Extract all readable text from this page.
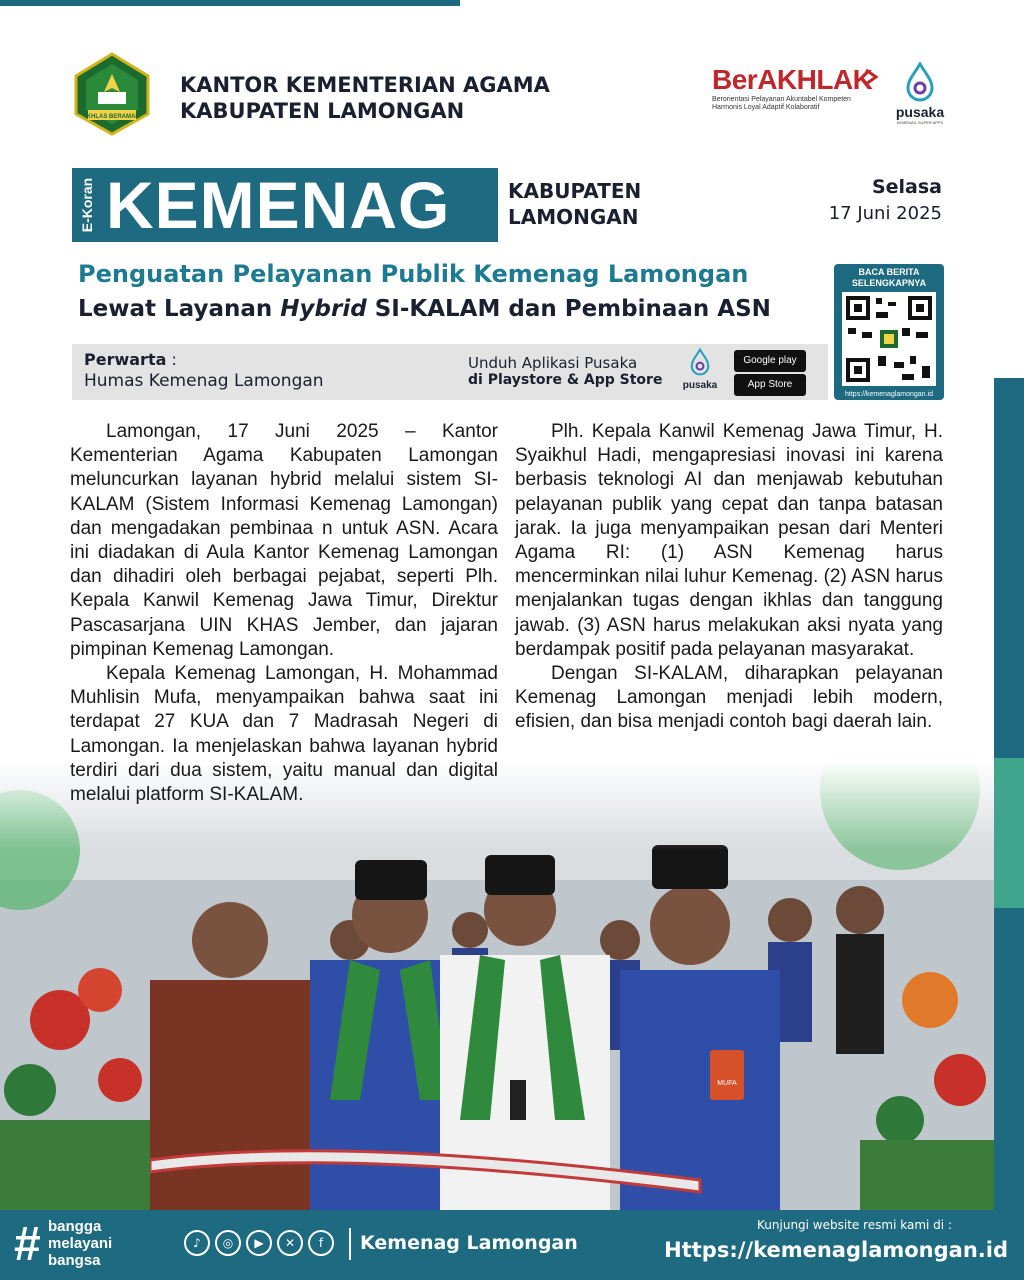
IKHLAS BERAMAL
KANTOR KEMENTERIAN AGAMA
KABUPATEN LAMONGAN
BerAKHLAK
Berorientasi Pelayanan Akuntabel Kompeten Harmonis Loyal Adaptif Kolaboratif	pusaka
KEMENAG SUPER APPS
E-Koran KEMENAG	KABUPATEN
LAMONGAN
Selasa
17 Juni 2025
Penguatan Pelayanan Publik Kemenag Lamongan
Lewat Layanan Hybrid SI-KALAM dan Pembinaan ASN
BACA BERITA SELENGKAPNYA
https://kemenaglamongan.id
Perwarta :
Humas Kemenag Lamongan
Unduh Aplikasi Pusaka
di Playstore & App Store pusaka
Google play
App Store

Lamongan, 17 Juni 2025 – Kantor Kementerian Agama Kabupaten Lamongan meluncurkan layanan hybrid melalui sistem SI-KALAM (Sistem Informasi Kemenag Lamongan) dan mengadakan pembinaa n untuk ASN. Acara ini diadakan di Aula Kantor Kemenag Lamongan dan dihadiri oleh berbagai pejabat, seperti Plh. Kepala Kanwil Kemenag Jawa Timur, Direktur Pascasarjana UIN KHAS Jember, dan jajaran pimpinan Kemenag Lamongan.

Kepala Kemenag Lamongan, H. Mohammad Muhlisin Mufa, menyampaikan bahwa saat ini terdapat 27 KUA dan 7 Madrasah Negeri di Lamongan. Ia menjelaskan bahwa layanan hybrid terdiri dari dua sistem, yaitu manual dan digital melalui platform SI-KALAM.

Plh. Kepala Kanwil Kemenag Jawa Timur, H. Syaikhul Hadi, mengapresiasi inovasi ini karena berbasis teknologi AI dan menjawab kebutuhan pelayanan publik yang cepat dan tanpa batasan jarak. Ia juga menyampaikan pesan dari Menteri Agama RI: (1) ASN Kemenag harus mencerminkan nilai luhur Kemenag. (2) ASN harus menjalankan tugas dengan ikhlas dan tanggung jawab. (3) ASN harus melakukan aksi nyata yang berdampak positif pada pelayanan masyarakat.

Dengan SI-KALAM, diharapkan pelayanan Kemenag Lamongan menjadi lebih modern, efisien, dan bisa menjadi contoh bagi daerah lain.

# bangga
melayani
bangsa
♪	◎	▶	✕	f	Kemenag Lamongan
Kunjungi website resmi kami di :
Https://kemenaglamongan.id
